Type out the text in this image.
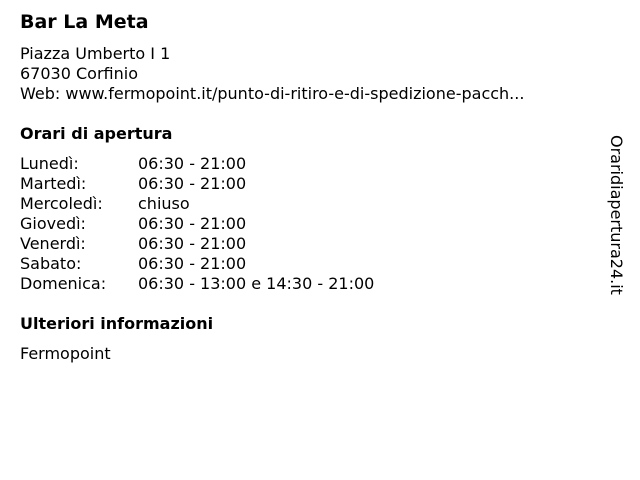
Bar La Meta
Piazza Umberto I 1
67030 Corfinio
Web: www.fermopoint.it/punto-di-ritiro-e-di-spedizione-pacch...
Orari di apertura
Lunedì:	06:30 - 21:00
Martedì:	06:30 - 21:00
Mercoledì:	chiuso
Giovedì:	06:30 - 21:00
Venerdì:	06:30 - 21:00
Sabato:	06:30 - 21:00
Domenica:	06:30 - 13:00 e 14:30 - 21:00
Ulteriori informazioni
Fermopoint
Oraridiapertura24.it
